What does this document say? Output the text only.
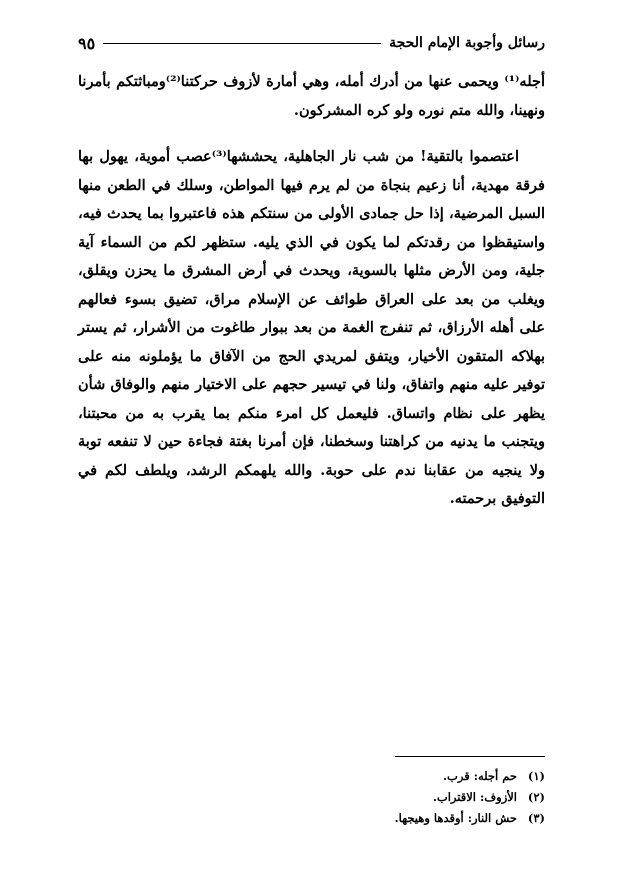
رسائل وأجوبة الإمام الحجة
٩٥

أجله⁽¹⁾ ويحمى عنها من أدرك أمله، وهي أمارة لأزوف حركتنا⁽²⁾ومباثتكم بأمرنا ونهينا، والله متم نوره ولو كره المشركون.

اعتصموا بالتقية! من شب نار الجاهلية، يحششها⁽³⁾عصب أموية، يهول بها فرقة مهدية، أنا زعيم بنجاة من لم يرم فيها المواطن، وسلك في الطعن منها السبل المرضية، إذا حل جمادى الأولى من سنتكم هذه فاعتبروا بما يحدث فيه، واستيقظوا من رقدتكم لما يكون في الذي يليه. ستظهر لكم من السماء آية جلية، ومن الأرض مثلها بالسوية، ويحدث في أرض المشرق ما يحزن ويقلق، ويغلب من بعد على العراق طوائف عن الإسلام مراق، تضيق بسوء فعالهم على أهله الأرزاق، ثم تنفرج الغمة من بعد ببوار طاغوت من الأشرار، ثم يستر بهلاكه المتقون الأخيار، ويتفق لمريدي الحج من الآفاق ما يؤملونه منه على توفير عليه منهم واتفاق، ولنا في تيسير حجهم على الاختيار منهم والوفاق شأن يظهر على نظام واتساق. فليعمل كل امرء منكم بما يقرب به من محبتنا، ويتجنب ما يدنيه من كراهتنا وسخطنا، فإن أمرنا بغتة فجاءة حين لا تنفعه توبة ولا ينجيه من عقابنا ندم على حوبة. والله يلهمكم الرشد، ويلطف لكم في التوفيق برحمته.

(١)
حم أجله: قرب.
(٢)
الأزوف: الاقتراب.
(٣)
حش النار: أوقدها وهيجها.
